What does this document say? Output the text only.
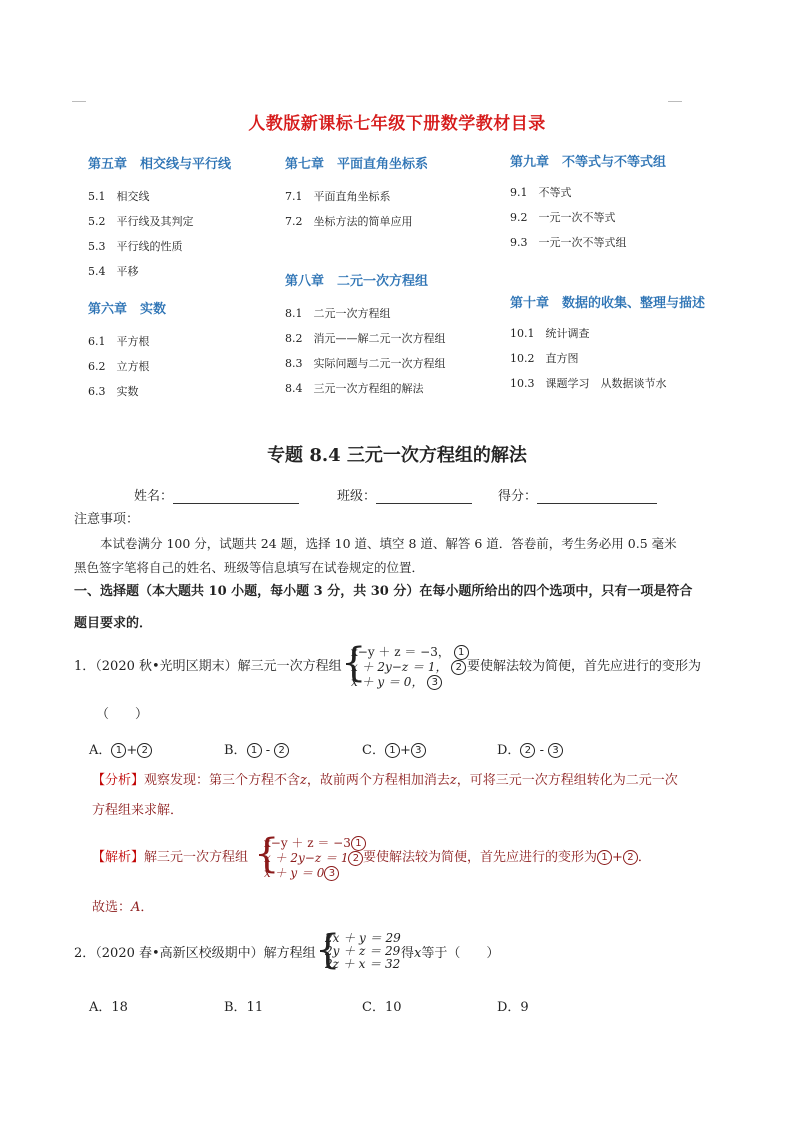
人教版新课标七年级下册数学教材目录
第五章　相交线与平行线
5.1　相交线
5.2　平行线及其判定
5.3　平行线的性质
5.4　平移
第六章　实数
6.1　平方根
6.2　立方根
6.3　实数
第七章　平面直角坐标系
7.1　平面直角坐标系
7.2　坐标方法的简单应用
第八章　二元一次方程组
8.1　二元一次方程组
8.2　消元——解二元一次方程组
8.3　实际问题与二元一次方程组
8.4　三元一次方程组的解法
第九章　不等式与不等式组
9.1　不等式
9.2　一元一次不等式
9.3　一元一次不等式组
第十章　数据的收集、整理与描述
10.1　统计调查
10.2　直方图
10.3　课题学习　从数据谈节水
专题 8.4 三元一次方程组的解法
姓名：	班级：	得分：
注意事项：
本试卷满分 100 分，试题共 24 题，选择 10 道、填空 8 道、解答 6 道．答卷前，考生务必用 0.5 毫米
黑色签字笔将自己的姓名、班级等信息填写在试卷规定的位置．
一、选择题（本大题共 10 小题，每小题 3 分，共 30 分）在每小题所给出的四个选项中，只有一项是符合
题目要求的．
1．（2020 秋•光明区期末）解三元一次方程组 {
x−y ＋ z ＝ −3， 1
x ＋ 2y−z ＝ 1， 2
x ＋ y ＝ 0， 3
要使解法较为简便，首先应进行的变形为
（　　）
A． 1 + 2	B． 1 - 2	C． 1 + 3	D． 2 - 3
【分析】观察发现：第三个方程不含z，故前两个方程相加消去z，可将三元一次方程组转化为二元一次
方程组来求解．
【解析】解三元一次方程组 {
x−y ＋ z ＝ −3 1
x ＋ 2y−z ＝ 1 2
x ＋ y ＝ 0 3
要使解法较为简便，首先应进行的变形为 1 + 2 ．
故选：A．
2．（2020 春•高新区校级期中）解方程组 {
2x ＋ y ＝ 29
2y ＋ z ＝ 29
2z ＋ x ＝ 32
得x等于（　　）
A．18	B．11	C．10	D．9
